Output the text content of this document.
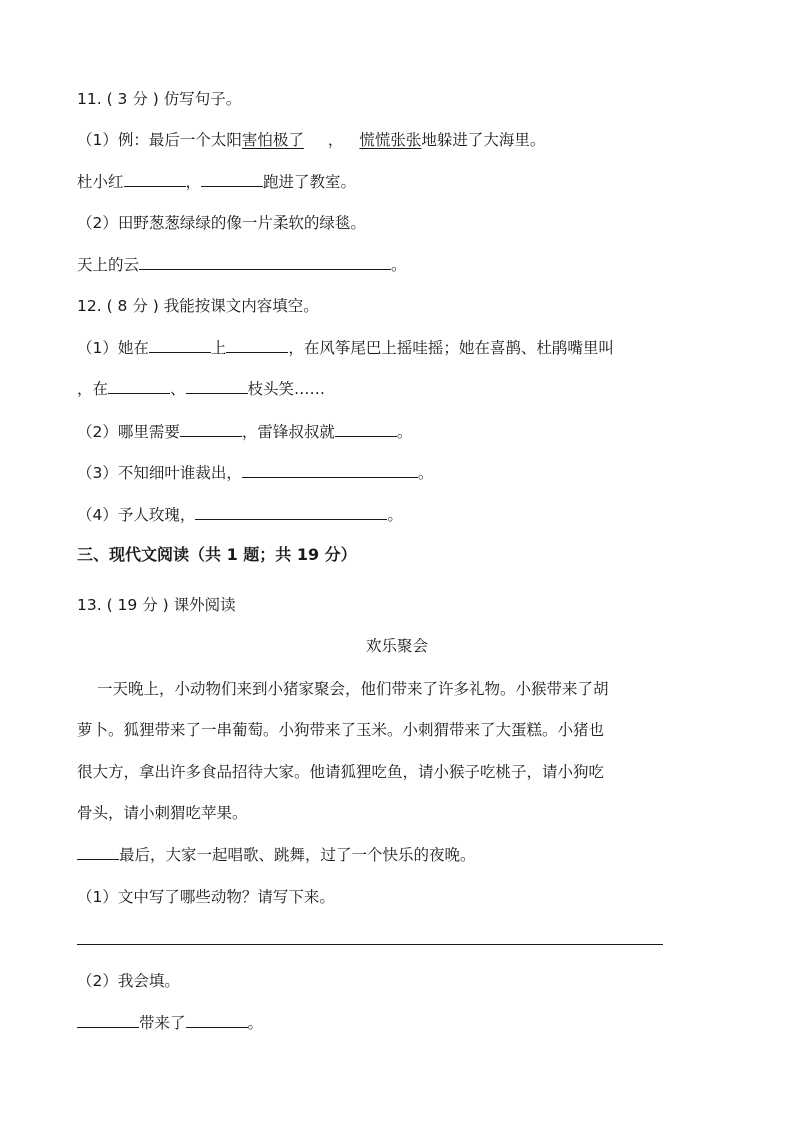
11. ( 3 分 ) 仿写句子。
（1）例：最后一个太阳害怕极了 ， 慌慌张张地躲进了大海里。
杜小红	，	跑进了教室。
（2）田野葱葱绿绿的像一片柔软的绿毯。
天上的云	。
12. ( 8 分 ) 我能按课文内容填空。
（1）她在	上	，在风筝尾巴上摇哇摇；她在喜鹊、杜鹃嘴里叫
，在	、	枝头笑……
（2）哪里需要	，雷锋叔叔就	。
（3）不知细叶谁裁出，	。
（4）予人玫瑰，	。
三、现代文阅读（共 1 题；共 19 分）
13. ( 19 分 ) 课外阅读
欢乐聚会
一天晚上，小动物们来到小猪家聚会，他们带来了许多礼物。小猴带来了胡
萝卜。狐狸带来了一串葡萄。小狗带来了玉米。小刺猬带来了大蛋糕。小猪也
很大方，拿出许多食品招待大家。他请狐狸吃鱼，请小猴子吃桃子，请小狗吃
骨头，请小刺猬吃苹果。
最后，大家一起唱歌、跳舞，过了一个快乐的夜晚。
（1）文中写了哪些动物？请写下来。
（2）我会填。
带来了	。
